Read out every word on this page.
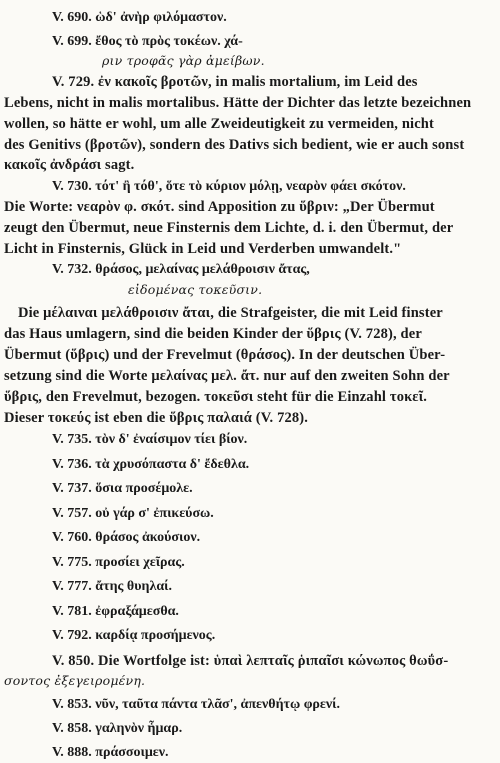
V. 690. ὡδ' ἀνὴρ φιλόμαστον.
V. 699. ἔθος τὸ πρὸς τοκέων. χά-
ριν τροφᾶς γὰρ ἀμείβων.
V. 729. ἐν κακοῖς βροτῶν, in malis mortalium, im Leid des
Lebens, nicht in malis mortalibus. Hätte der Dichter das letzte bezeichnen
wollen, so hätte er wohl, um alle Zweideutigkeit zu vermeiden, nicht
des Genitivs (βροτῶν), sondern des Dativs sich bedient, wie er auch sonst
κακοῖς ἀνδράσι sagt.
V. 730. τότ' ἢ τόθ', ὅτε τὸ κύριον μόλῃ, νεαρὸν φάει σκότον.
Die Worte: νεαρὸν φ. σκότ. sind Apposition zu ὕβριν: „Der Übermut
zeugt den Übermut, neue Finsternis dem Lichte, d. i. den Übermut, der
Licht in Finsternis, Glück in Leid und Verderben umwandelt."
V. 732. θράσος, μελαίνας μελάθροισιν ἄτας,
εἰδομένας τοκεῦσιν.
Die μέλαιναι μελάθροισιν ἄται, die Strafgeister, die mit Leid finster
das Haus umlagern, sind die beiden Kinder der ὕβρις (V. 728), der
Übermut (ὕβρις) und der Frevelmut (θράσος). In der deutschen Über-
setzung sind die Worte μελαίνας μελ. ἄτ. nur auf den zweiten Sohn der
ὕβρις, den Frevelmut, bezogen. τοκεῦσι steht für die Einzahl τοκεῖ.
Dieser τοκεύς ist eben die ὕβρις παλαιά (V. 728).
V. 735. τὸν δ' ἐναίσιμον τίει βίον.
V. 736. τὰ χρυσόπαστα δ' ἔδεθλα.
V. 737. ὅσια προσέμολε.
V. 757. οὐ γάρ σ' ἐπικεύσω.
V. 760. θράσος ἀκούσιον.
V. 775. προσίει χεῖρας.
V. 777. ἄτης θυηλαί.
V. 781. ἐφραξάμεσθα.
V. 792. καρδίᾳ προσήμενος.
V. 850. Die Wortfolge ist: ὑπαὶ λεπταῖς ῥιπαῖσι κώνωπος θωΰσ-
σοντος ἐξεγειρομένη.
V. 853. νῦν, ταῦτα πάντα τλᾶσ', ἀπενθήτῳ φρενί.
V. 858. γαληνὸν ἦμαρ.
V. 888. πράσσοιμεν.
